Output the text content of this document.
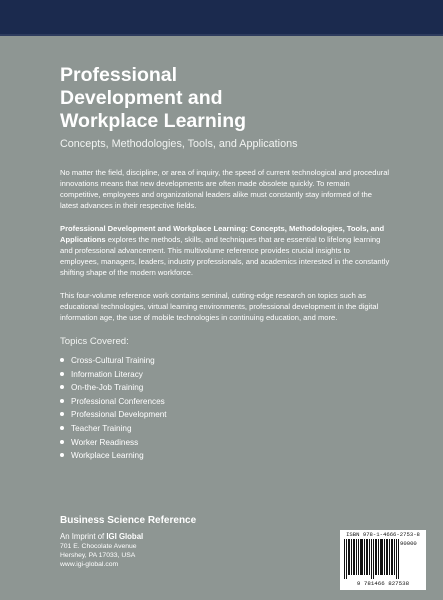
Professional
Development and
Workplace Learning

Concepts, Methodologies, Tools, and Applications

No matter the field, discipline, or area of inquiry, the speed of current technological and procedural innovations means that new developments are often made obsolete quickly. To remain competitive, employees and organizational leaders alike must constantly stay informed of the latest advances in their respective fields.

Professional Development and Workplace Learning: Concepts, Methodologies, Tools, and Applications explores the methods, skills, and techniques that are essential to lifelong learning and professional advancement. This multivolume reference provides crucial insights to employees, managers, leaders, industry professionals, and academics interested in the constantly shifting shape of the modern workforce.

This four-volume reference work contains seminal, cutting-edge research on topics such as educational technologies, virtual learning environments, professional development in the digital information age, the use of mobile technologies in continuing education, and more.

Topics Covered:

Cross-Cultural Training
Information Literacy
On-the-Job Training
Professional Conferences
Professional Development
Teacher Training
Worker Readiness
Workplace Learning

Business Science Reference

An Imprint of IGI Global

701 E. Chocolate Avenue

Hershey, PA 17033, USA

www.igi-global.com

ISBN 978-1-4666-2753-8
90000
9 781466 827538
